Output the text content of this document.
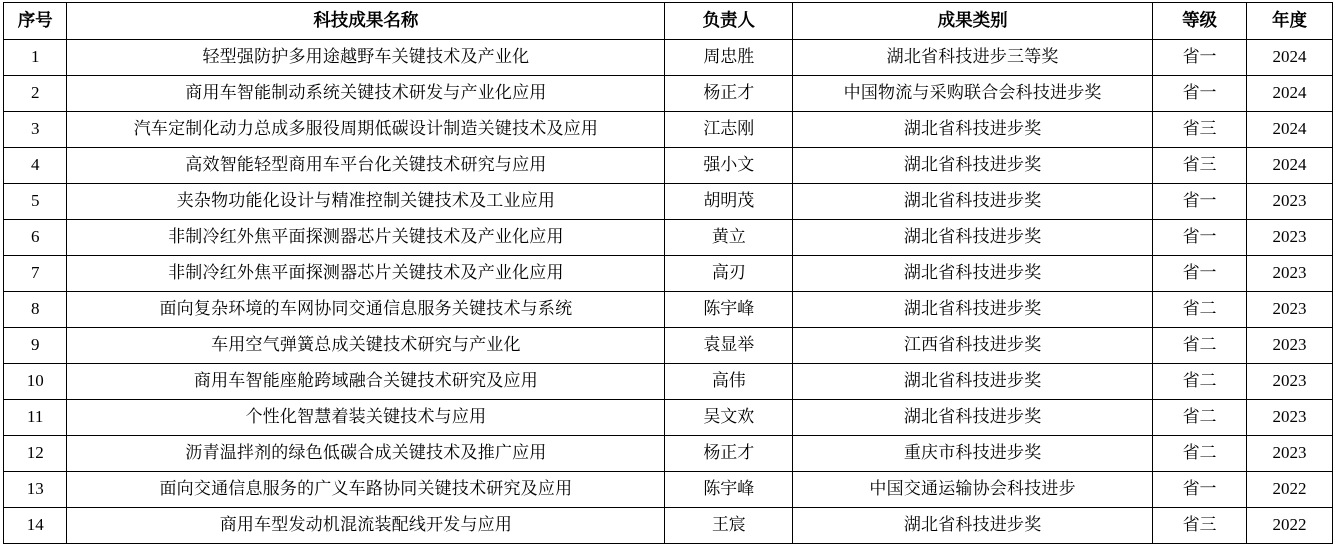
序号	科技成果名称	负责人	成果类别	等级	年度
1	轻型强防护多用途越野车关键技术及产业化	周忠胜	湖北省科技进步三等奖	省一	2024
2	商用车智能制动系统关键技术研发与产业化应用	杨正才	中国物流与采购联合会科技进步奖	省一	2024
3	汽车定制化动力总成多服役周期低碳设计制造关键技术及应用	江志刚	湖北省科技进步奖	省三	2024
4	高效智能轻型商用车平台化关键技术研究与应用	强小文	湖北省科技进步奖	省三	2024
5	夹杂物功能化设计与精准控制关键技术及工业应用	胡明茂	湖北省科技进步奖	省一	2023
6	非制冷红外焦平面探测器芯片关键技术及产业化应用	黄立	湖北省科技进步奖	省一	2023
7	非制冷红外焦平面探测器芯片关键技术及产业化应用	高刃	湖北省科技进步奖	省一	2023
8	面向复杂环境的车网协同交通信息服务关键技术与系统	陈宇峰	湖北省科技进步奖	省二	2023
9	车用空气弹簧总成关键技术研究与产业化	袁显举	江西省科技进步奖	省二	2023
10	商用车智能座舱跨域融合关键技术研究及应用	高伟	湖北省科技进步奖	省二	2023
11	个性化智慧着装关键技术与应用	吴文欢	湖北省科技进步奖	省二	2023
12	沥青温拌剂的绿色低碳合成关键技术及推广应用	杨正才	重庆市科技进步奖	省二	2023
13	面向交通信息服务的广义车路协同关键技术研究及应用	陈宇峰	中国交通运输协会科技进步	省一	2022
14	商用车型发动机混流装配线开发与应用	王宸	湖北省科技进步奖	省三	2022
